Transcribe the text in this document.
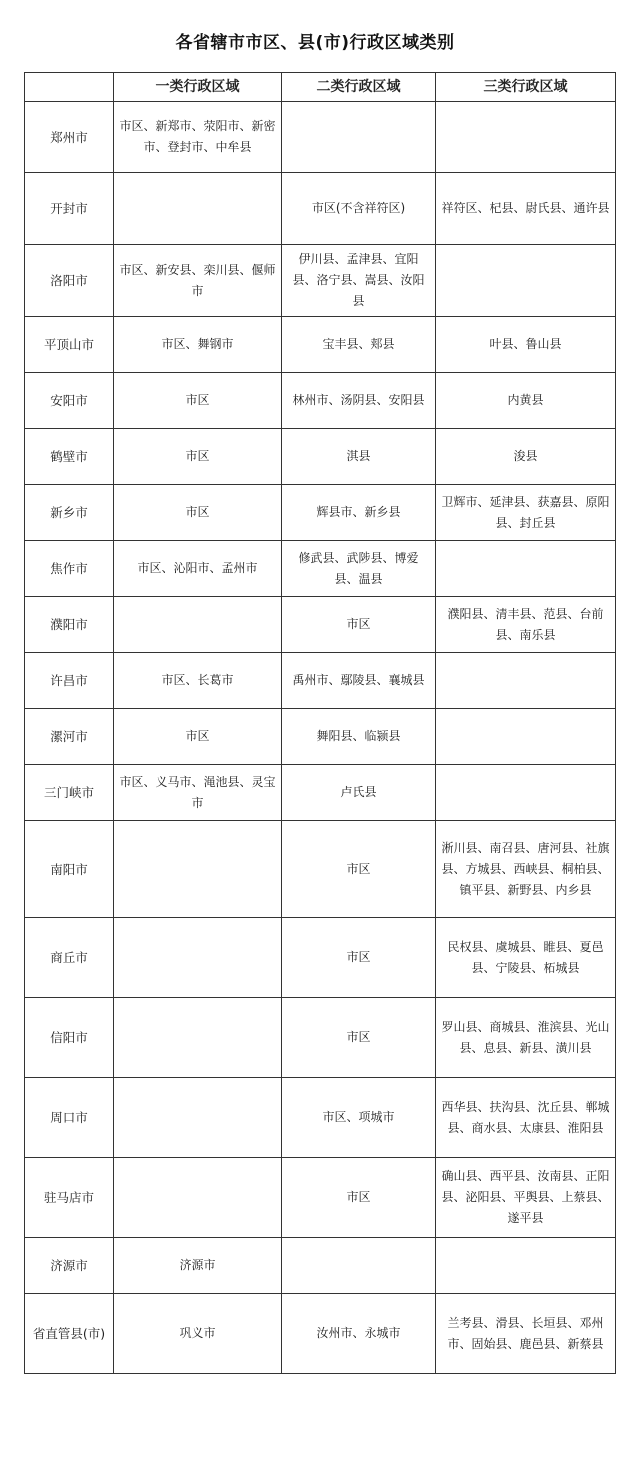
各省辖市市区、县(市)行政区域类别
	一类行政区域	二类行政区域	三类行政区域
郑州市	市区、新郑市、荥阳市、新密市、登封市、中牟县		
开封市		市区(不含祥符区)	祥符区、杞县、尉氏县、通许县
洛阳市	市区、新安县、栾川县、偃师市	伊川县、孟津县、宜阳县、洛宁县、嵩县、汝阳县	
平顶山市	市区、舞钢市	宝丰县、郏县	叶县、鲁山县
安阳市	市区	林州市、汤阴县、安阳县	内黄县
鹤壁市	市区	淇县	浚县
新乡市	市区	辉县市、新乡县	卫辉市、延津县、获嘉县、原阳县、封丘县
焦作市	市区、沁阳市、孟州市	修武县、武陟县、博爱县、温县	
濮阳市		市区	濮阳县、清丰县、范县、台前县、南乐县
许昌市	市区、长葛市	禹州市、鄢陵县、襄城县	
漯河市	市区	舞阳县、临颍县	
三门峡市	市区、义马市、渑池县、灵宝市	卢氏县	
南阳市		市区	淅川县、南召县、唐河县、社旗县、方城县、西峡县、桐柏县、镇平县、新野县、内乡县
商丘市		市区	民权县、虞城县、睢县、夏邑县、宁陵县、柘城县
信阳市		市区	罗山县、商城县、淮滨县、光山县、息县、新县、潢川县
周口市		市区、项城市	西华县、扶沟县、沈丘县、郸城县、商水县、太康县、淮阳县
驻马店市		市区	确山县、西平县、汝南县、正阳县、泌阳县、平舆县、上蔡县、遂平县
济源市	济源市		
省直管县(市)	巩义市	汝州市、永城市	兰考县、滑县、长垣县、邓州市、固始县、鹿邑县、新蔡县
